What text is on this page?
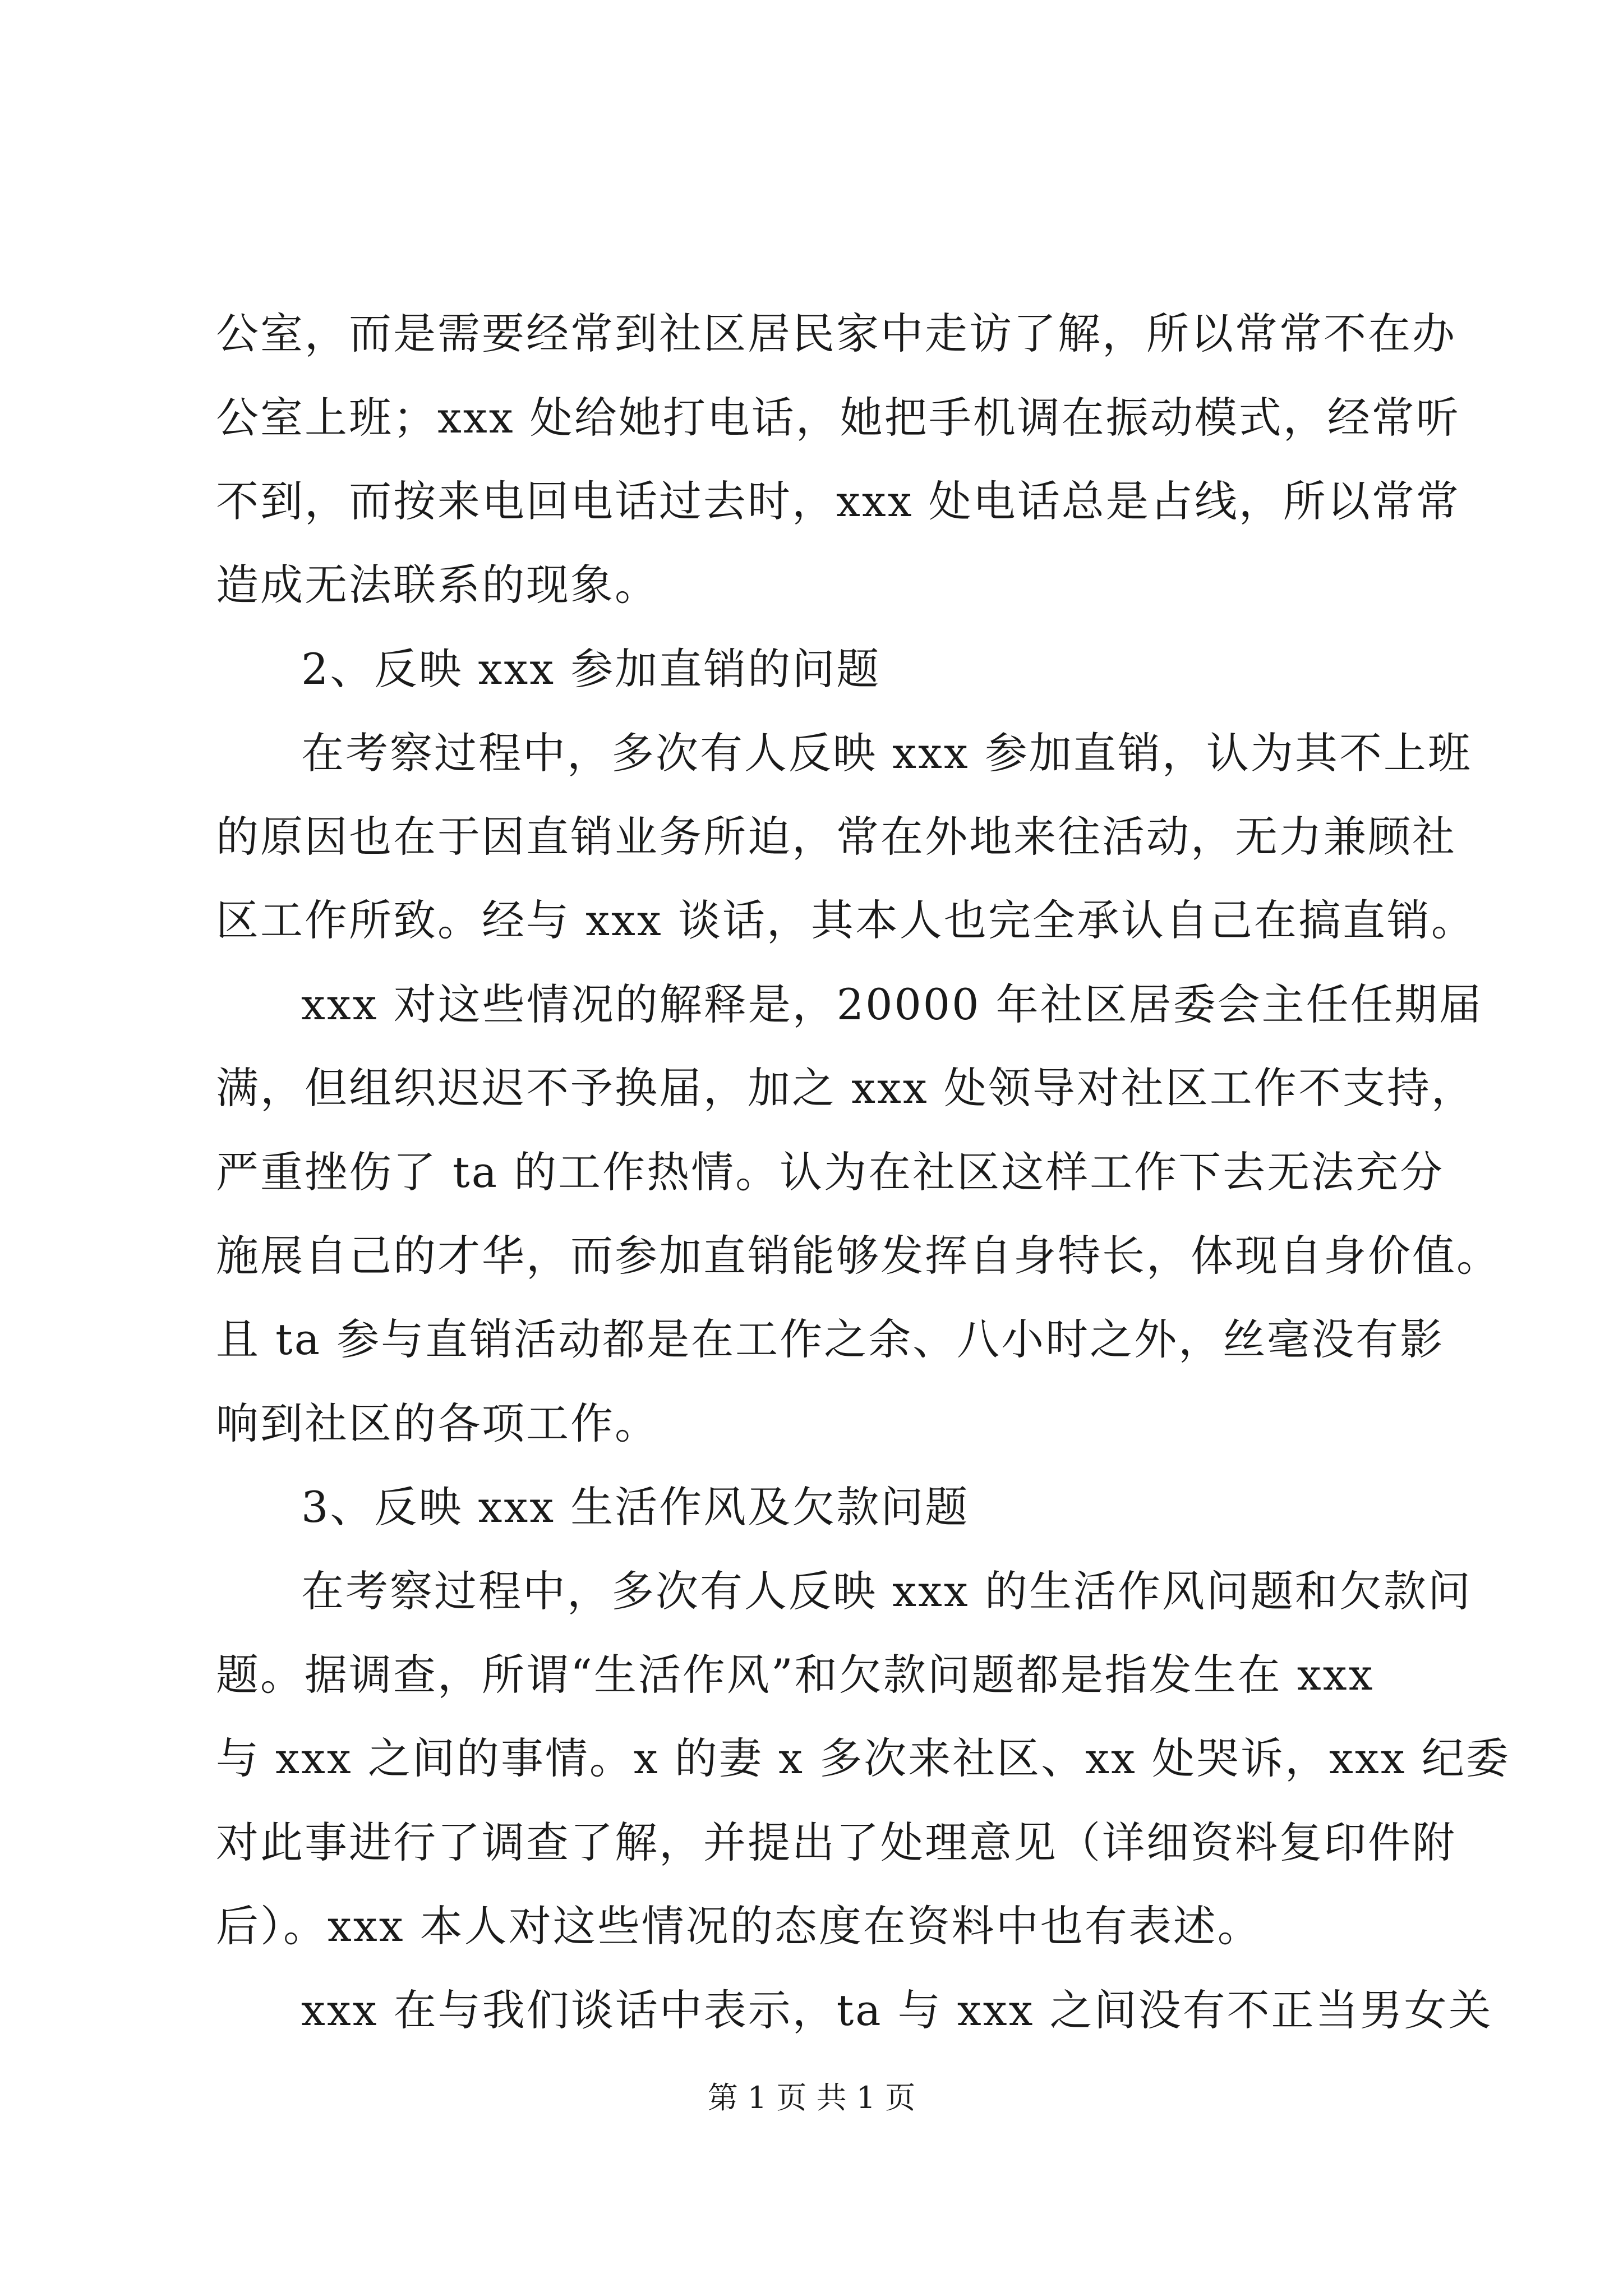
公室，而是需要经常到社区居民家中走访了解，所以常常不在办
公室上班；xxx 处给她打电话，她把手机调在振动模式，经常听
不到，而按来电回电话过去时，xxx 处电话总是占线，所以常常
造成无法联系的现象。
2、反映 xxx 参加直销的问题
在考察过程中，多次有人反映 xxx 参加直销，认为其不上班
的原因也在于因直销业务所迫，常在外地来往活动，无力兼顾社
区工作所致。经与 xxx 谈话，其本人也完全承认自己在搞直销。
xxx 对这些情况的解释是，20000 年社区居委会主任任期届
满，但组织迟迟不予换届，加之 xxx 处领导对社区工作不支持，
严重挫伤了 ta 的工作热情。认为在社区这样工作下去无法充分
施展自己的才华，而参加直销能够发挥自身特长，体现自身价值。
且 ta 参与直销活动都是在工作之余、八小时之外，丝毫没有影
响到社区的各项工作。
3、反映 xxx 生活作风及欠款问题
在考察过程中，多次有人反映 xxx 的生活作风问题和欠款问
题。据调查，所谓“生活作风”和欠款问题都是指发生在 xxx
与 xxx 之间的事情。x 的妻 x 多次来社区、xx 处哭诉，xxx 纪委
对此事进行了调查了解，并提出了处理意见（详细资料复印件附
后）。xxx 本人对这些情况的态度在资料中也有表述。
xxx 在与我们谈话中表示，ta 与 xxx 之间没有不正当男女关
第 1 页 共 1 页
